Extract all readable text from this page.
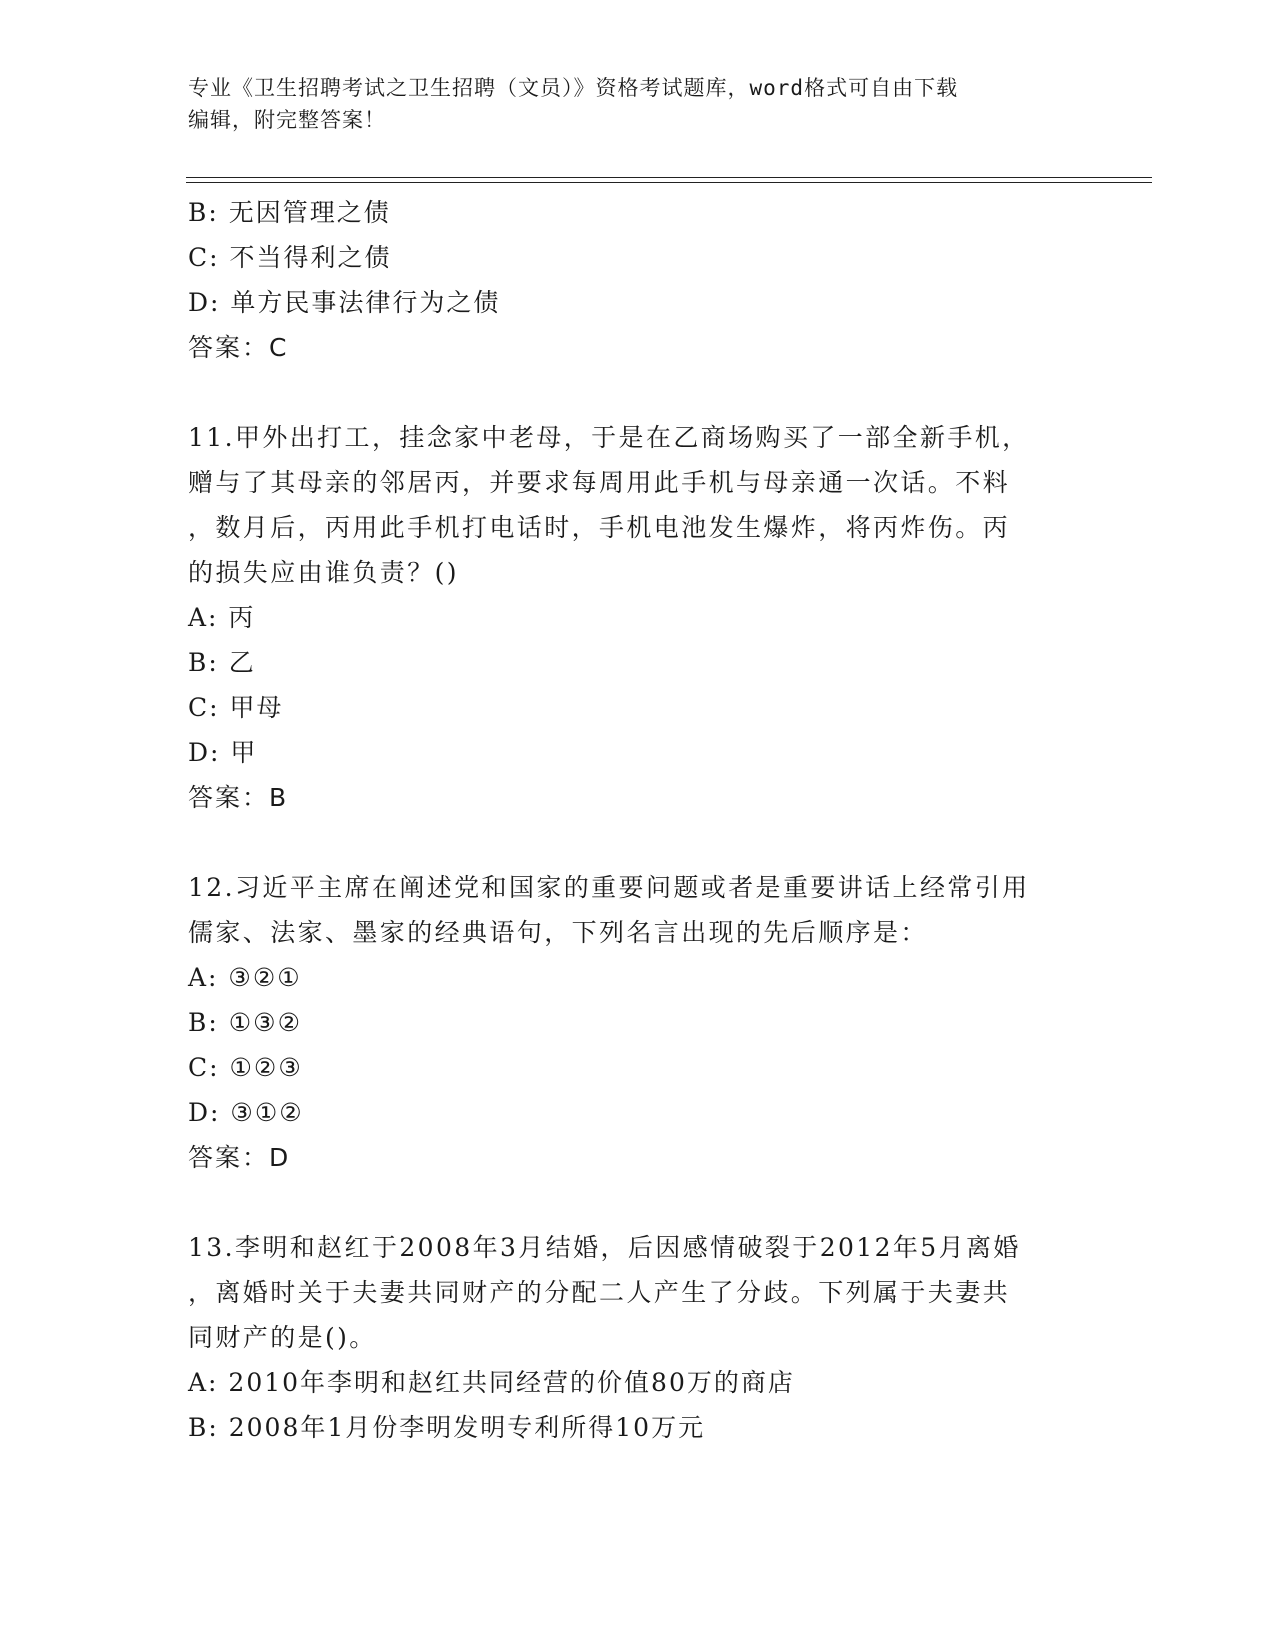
专业《卫生招聘考试之卫生招聘（文员）》资格考试题库，word格式可自由下载
编辑，附完整答案！
B: 无因管理之债
C: 不当得利之债
D: 单方民事法律行为之债
答案：C
11.甲外出打工，挂念家中老母，于是在乙商场购买了一部全新手机，
赠与了其母亲的邻居丙，并要求每周用此手机与母亲通一次话。不料
，数月后，丙用此手机打电话时，手机电池发生爆炸，将丙炸伤。丙
的损失应由谁负责？()
A: 丙
B: 乙
C: 甲母
D: 甲
答案：B
12.习近平主席在阐述党和国家的重要问题或者是重要讲话上经常引用
儒家、法家、墨家的经典语句，下列名言出现的先后顺序是：
A: ③②①
B: ①③②
C: ①②③
D: ③①②
答案：D
13.李明和赵红于2008年3月结婚，后因感情破裂于2012年5月离婚
，离婚时关于夫妻共同财产的分配二人产生了分歧。下列属于夫妻共
同财产的是()。
A: 2010年李明和赵红共同经营的价值80万的商店
B: 2008年1月份李明发明专利所得10万元
